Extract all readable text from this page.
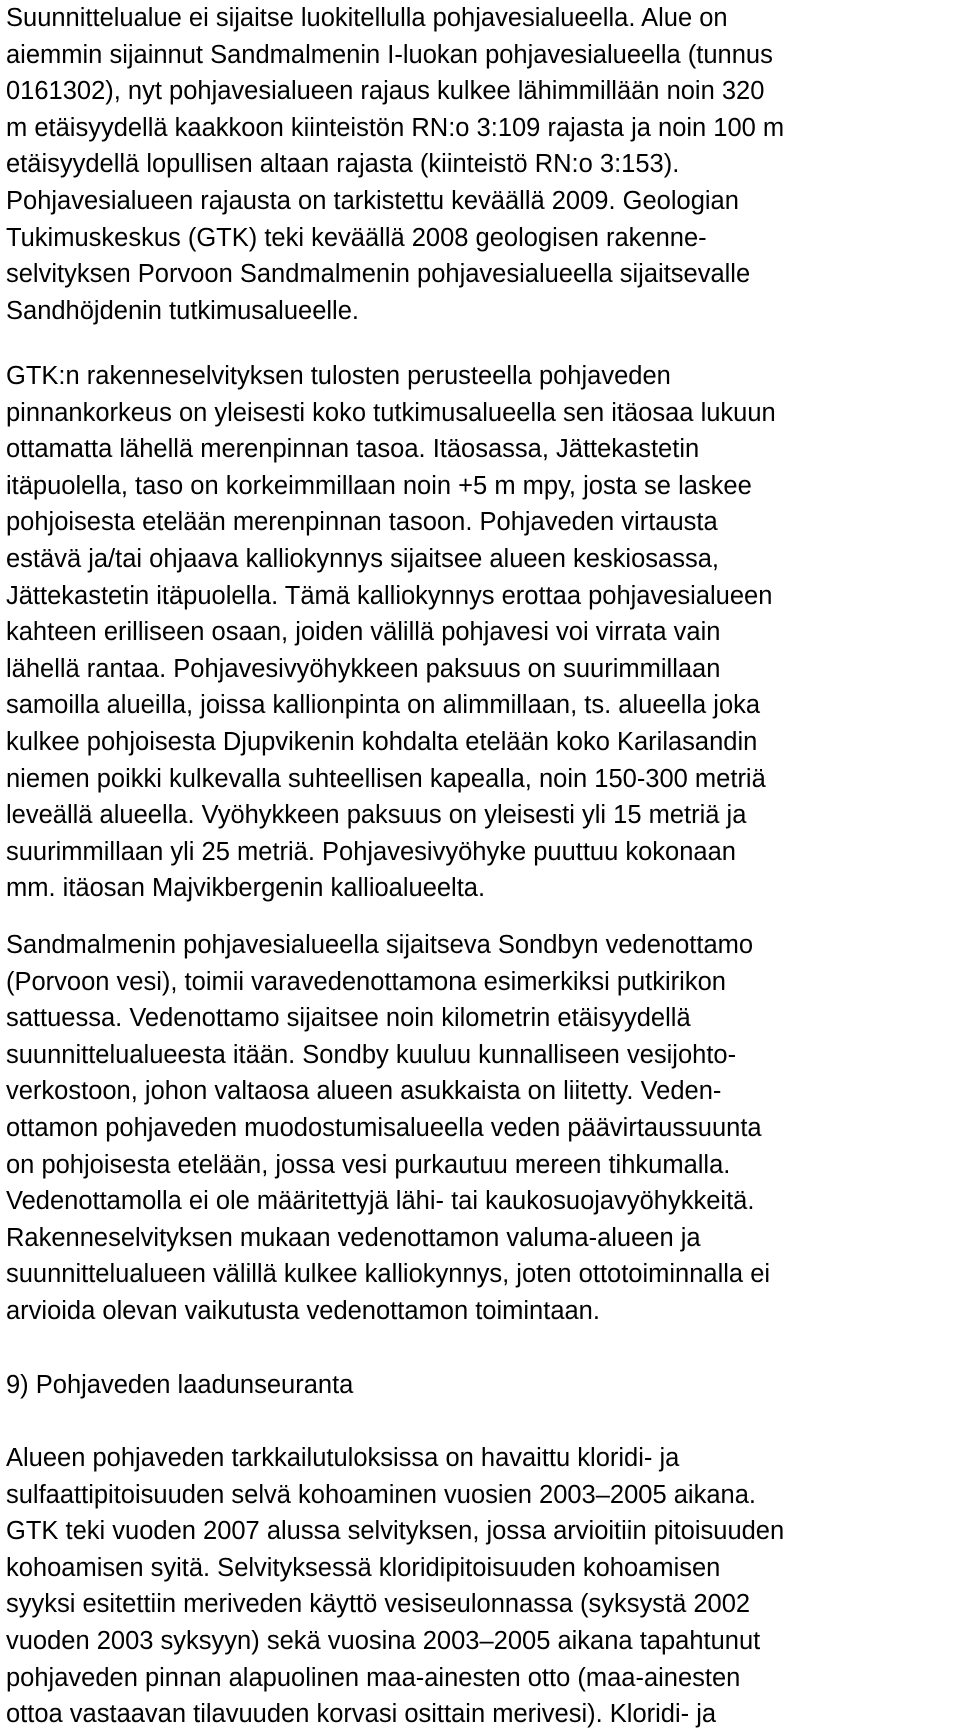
Suunnittelualue ei sijaitse luokitellulla pohjavesialueella. Alue on
aiemmin sijainnut Sandmalmenin I-luokan pohjavesialueella (tunnus
0161302), nyt pohjavesialueen rajaus kulkee lähimmillään noin 320
m etäisyydellä kaakkoon kiinteistön RN:o 3:109 rajasta ja noin 100 m
etäisyydellä lopullisen altaan rajasta (kiinteistö RN:o 3:153).
Pohjavesialueen rajausta on tarkistettu keväällä 2009. Geologian
Tukimuskeskus (GTK) teki keväällä 2008 geologisen rakenne-
selvityksen Porvoon Sandmalmenin pohjavesialueella sijaitsevalle
Sandhöjdenin tutkimusalueelle.
GTK:n rakenneselvityksen tulosten perusteella pohjaveden
pinnankorkeus on yleisesti koko tutkimusalueella sen itäosaa lukuun
ottamatta lähellä merenpinnan tasoa. Itäosassa, Jättekastetin
itäpuolella, taso on korkeimmillaan noin +5 m mpy, josta se laskee
pohjoisesta etelään merenpinnan tasoon. Pohjaveden virtausta
estävä ja/tai ohjaava kalliokynnys sijaitsee alueen keskiosassa,
Jättekastetin itäpuolella. Tämä kalliokynnys erottaa pohjavesialueen
kahteen erilliseen osaan, joiden välillä pohjavesi voi virrata vain
lähellä rantaa. Pohjavesivyöhykkeen paksuus on suurimmillaan
samoilla alueilla, joissa kallionpinta on alimmillaan, ts. alueella joka
kulkee pohjoisesta Djupvikenin kohdalta etelään koko Karilasandin
niemen poikki kulkevalla suhteellisen kapealla, noin 150-300 metriä
leveällä alueella. Vyöhykkeen paksuus on yleisesti yli 15 metriä ja
suurimmillaan yli 25 metriä. Pohjavesivyöhyke puuttuu kokonaan
mm. itäosan Majvikbergenin kallioalueelta.
Sandmalmenin pohjavesialueella sijaitseva Sondbyn vedenottamo
(Porvoon vesi), toimii varavedenottamona esimerkiksi putkirikon
sattuessa. Vedenottamo sijaitsee noin kilometrin etäisyydellä
suunnittelualueesta itään. Sondby kuuluu kunnalliseen vesijohto-
verkostoon, johon valtaosa alueen asukkaista on liitetty. Veden-
ottamon pohjaveden muodostumisalueella veden päävirtaussuunta
on pohjoisesta etelään, jossa vesi purkautuu mereen tihkumalla.
Vedenottamolla ei ole määritettyjä lähi- tai kaukosuojavyöhykkeitä.
Rakenneselvityksen mukaan vedenottamon valuma-alueen ja
suunnittelualueen välillä kulkee kalliokynnys, joten ottotoiminnalla ei
arvioida olevan vaikutusta vedenottamon toimintaan.
9) Pohjaveden laadunseuranta
Alueen pohjaveden tarkkailutuloksissa on havaittu kloridi- ja
sulfaattipitoisuuden selvä kohoaminen vuosien 2003–2005 aikana.
GTK teki vuoden 2007 alussa selvityksen, jossa arvioitiin pitoisuuden
kohoamisen syitä. Selvityksessä kloridipitoisuuden kohoamisen
syyksi esitettiin meriveden käyttö vesiseulonnassa (syksystä 2002
vuoden 2003 syksyyn) sekä vuosina 2003–2005 aikana tapahtunut
pohjaveden pinnan alapuolinen maa-ainesten otto (maa-ainesten
ottoa vastaavan tilavuuden korvasi osittain merivesi). Kloridi- ja
